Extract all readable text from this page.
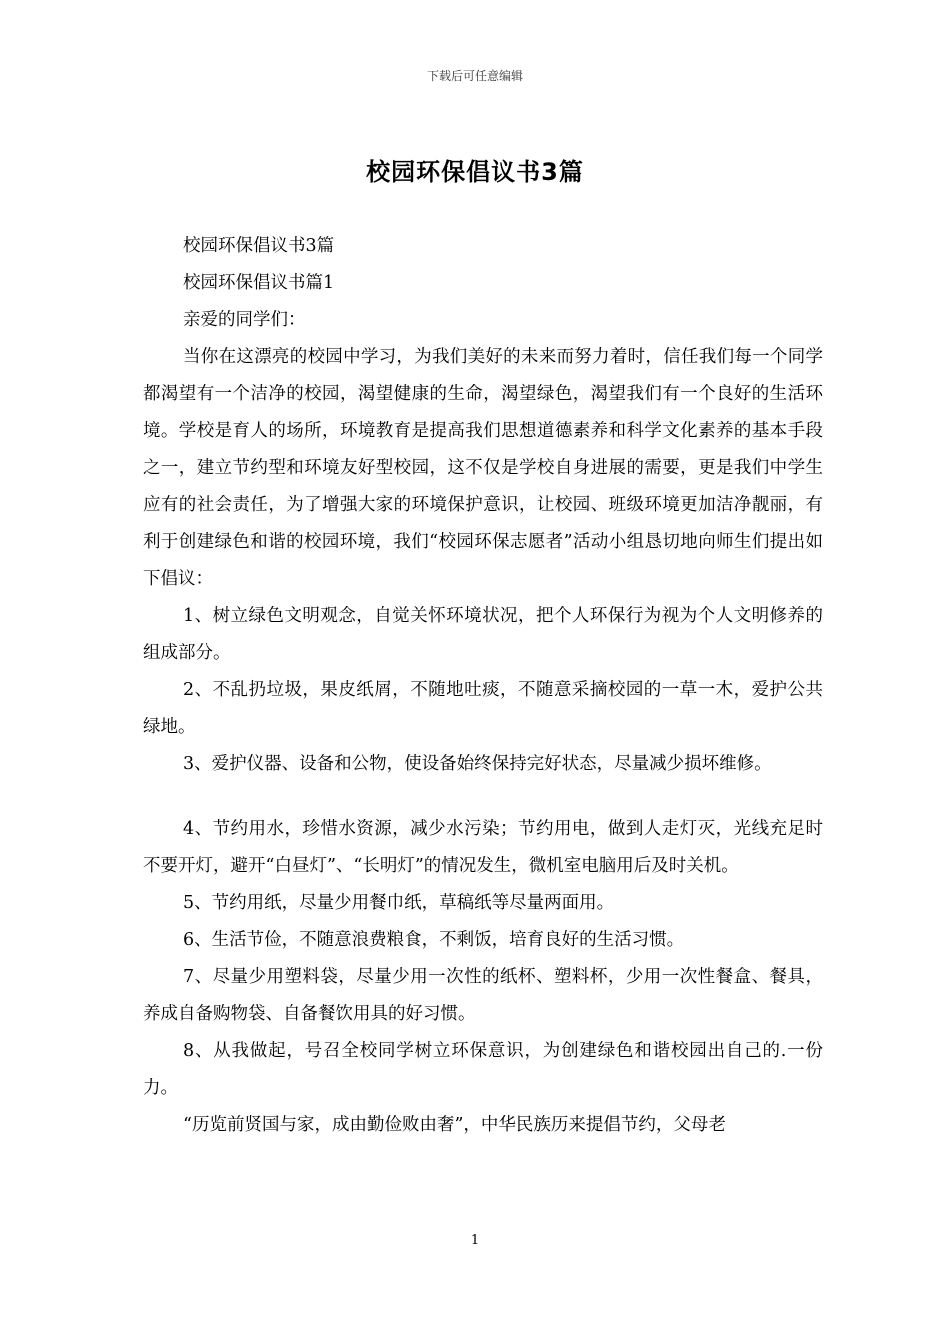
下载后可任意编辑
校园环保倡议书3篇

校园环保倡议书3篇

校园环保倡议书篇1

亲爱的同学们：

当你在这漂亮的校园中学习，为我们美好的未来而努力着时，信任我们每一个同学都渴望有一个洁净的校园，渴望健康的生命，渴望绿色，渴望我们有一个良好的生活环境。学校是育人的场所，环境教育是提高我们思想道德素养和科学文化素养的基本手段之一，建立节约型和环境友好型校园，这不仅是学校自身进展的需要，更是我们中学生应有的社会责任，为了增强大家的环境保护意识，让校园、班级环境更加洁净靓丽，有利于创建绿色和谐的校园环境，我们“校园环保志愿者”活动小组恳切地向师生们提出如下倡议：

1、树立绿色文明观念，自觉关怀环境状况，把个人环保行为视为个人文明修养的组成部分。

2、不乱扔垃圾，果皮纸屑，不随地吐痰，不随意采摘校园的一草一木，爱护公共绿地。

3、爱护仪器、设备和公物，使设备始终保持完好状态，尽量减少损坏维修。

4、节约用水，珍惜水资源，减少水污染；节约用电，做到人走灯灭，光线充足时不要开灯，避开“白昼灯”、“长明灯”的情况发生，微机室电脑用后及时关机。

5、节约用纸，尽量少用餐巾纸，草稿纸等尽量两面用。

6、生活节俭，不随意浪费粮食，不剩饭，培育良好的生活习惯。

7、尽量少用塑料袋，尽量少用一次性的纸杯、塑料杯，少用一次性餐盒、餐具，养成自备购物袋、自备餐饮用具的好习惯。

8、从我做起，号召全校同学树立环保意识，为创建绿色和谐校园出自己的.一份力。

“历览前贤国与家，成由勤俭败由奢”，中华民族历来提倡节约，父母老

1
